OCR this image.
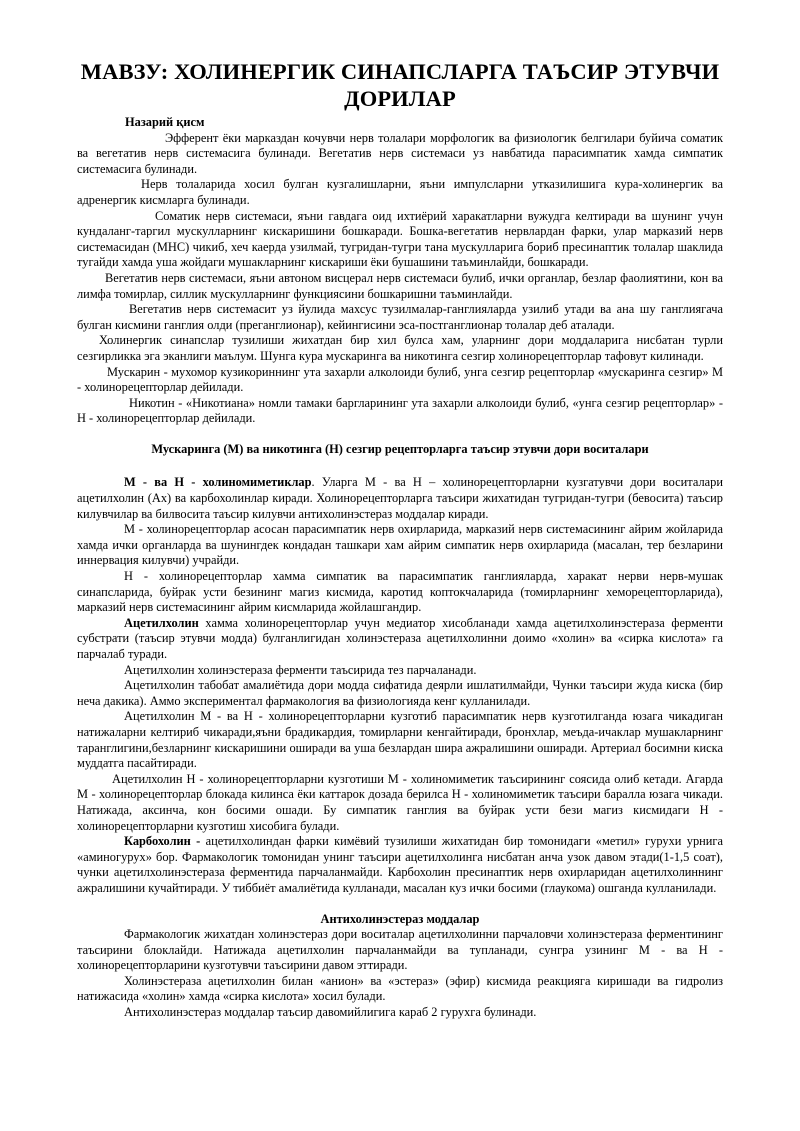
МАВЗУ: ХОЛИНЕРГИК СИНАПСЛАРГА ТАЪСИР ЭТУВЧИ ДОРИЛАР
Назарий қисм

Эфферент ёки марказдан кочувчи нерв толалари морфологик ва физиологик белгилари буйича соматик ва вегетатив нерв системасига булинади. Вегетатив нерв системаси уз навбатида парасимпатик хамда симпатик системасига булинади.

Нерв толаларида хосил булган кузгалишларни, яъни импулсларни утказилишига кура-холинергик ва адренергик кисмларга булинади.

Соматик нерв системаси, яъни гавдага оид ихтиёрий харакатларни вужудга келтиради ва шунинг учун кундаланг-таргил мускулларнинг кискаришини бошкаради. Бошка-вегетатив нервлардан фарки, улар марказий нерв системасидан (МНС) чикиб, хеч каерда узилмай, тугридан-тугри тана мускулларига бориб пресинаптик толалар шаклида тугайди хамда уша жойдаги мушакларнинг кискариши ёки бушашини таъминлайди, бошкаради.

Вегетатив нерв системаси, яъни автоном висцерал нерв системаси булиб, ички органлар, безлар фаолиятини, кон ва лимфа томирлар, силлик мускулларнинг функциясини бошкаришни таъминлайди.

Вегетатив нерв системасит уз йулида махсус тузилмалар-ганглияларда узилиб утади ва ана шу ганглиягача булган кисмини ганглия олди (преганглионар), кейингисини эса-постганглионар толалар деб аталади.

Холинергик синапслар тузилиши жихатдан бир хил булса хам, уларнинг дори моддаларига нисбатан турли сезгирликка эга эканлиги маълум. Шунга кура мускаринга ва никотинга сезгир холинорецепторлар тафовут килинади.

Мускарин - мухомор кузикориннинг ута захарли алколоиди булиб, унга сезгир рецепторлар «мускаринга сезгир» М - холинорецепторлар дейилади.

Никотин - «Никотиана» номли тамаки баргларининг ута захарли алколоиди булиб, «унга сезгир рецепторлар» - Н - холинорецепторлар дейилади.

Мускаринга (М) ва никотинга (Н) сезгир рецепторларга таъсир этувчи дори воситалари

М - ва Н - холиномиметиклар. Уларга М - ва Н – холинорецепторларни кузгатувчи дори воситалари ацетилхолин (Ах) ва карбохолинлар киради. Холинорецепторларга таъсири жихатидан тугридан-тугри (бевосита) таъсир килувчилар ва билвосита таъсир килувчи антихолинэстераз моддалар киради.

М - холинорецепторлар асосан парасимпатик нерв охирларида, марказий нерв системасининг айрим жойларида хамда ички органларда ва шунингдек кондадан ташкари хам айрим симпатик нерв охирларида (масалан, тер безларини иннервация килувчи) учрайди.

Н - холинорецепторлар хамма симпатик ва парасимпатик ганглияларда, харакат нерви нерв-мушак синапсларида, буйрак усти безининг магиз кисмида, каротид коптокчаларида (томирларнинг хеморецепторларида), марказий нерв системасининг айрим кисмларида жойлашгандир.

Ацетилхолин хамма холинорецепторлар учун медиатор хисобланади хамда ацетилхолинэстераза ферменти субстрати (таъсир этувчи модда) булганлигидан холинэстераза ацетилхолинни доимо «холин» ва «сирка кислота» га парчалаб туради.

Ацетилхолин холинэстераза ферменти таъсирида тез парчаланади.

Ацетилхолин табобат амалиётида дори модда сифатида деярли ишлатилмайди, Чунки таъсири жуда киска (бир неча дакика). Аммо экспериментал фармакология ва физиологияда кенг кулланилади.

Ацетилхолин М - ва Н - холинорецепторларни кузготиб парасимпатик нерв кузготилганда юзага чикадиган натижаларни келтириб чикаради,яъни брадикардия, томирларни кенгайтиради, бронхлар, меъда-ичаклар мушакларнинг таранглигини,безларнинг кискаришини оширади ва уша безлардан шира ажралишини оширади. Артериал босимни киска муддатга пасайтиради.

Ацетилхолин Н - холинорецепторларни кузготиши М - холиномиметик таъсирининг сояcида олиб кетади. Агарда М - холинорецепторлар блокада килинса ёки каттарок дозада берилса Н - холиномиметик таъсири баралла юзага чикади. Натижада, аксинча, кон босими ошади. Бу симпатик ганглия ва буйрак усти бези магиз кисмидаги Н - холинорецепторларни кузготиш хисобига булади.

Карбохолин - ацетилхолиндан фарки кимёвий тузилиши жихатидан бир томонидаги «метил» гурухи урнига «аминогурух» бор. Фармакологик томонидан унинг таъсири ацетилхолинга нисбатан анча узок давом этади(1-1,5 соат), чунки ацетилхолинэстераза ферментида парчаланмайди. Карбохолин пресинаптик нерв охирларидан ацетилхолиннинг ажралишини кучайтиради. У тиббиёт амалиётида кулланади, масалан куз ички босими (глаукома) ошганда кулланилади.

Антихолинэстераз моддалар

Фармакологик жихатдан холинэстераз дори воситалар ацетилхолинни парчаловчи холинэстераза ферментининг таъсирини блоклайди. Натижада ацетилхолин парчаланмайди ва тупланади, сунгра узининг М - ва Н - холинорецепторларини кузготувчи таъсирини давом эттиради.

Холинэстераза ацетилхолин билан «анион» ва «эстераз» (эфир) кисмида реакцияга киришади ва гидролиз натижасида «холин» хамда «сирка кислота» хосил булади.

Антихолинэстераз моддалар таъсир давомийлигига караб 2 гурухга булинади.
